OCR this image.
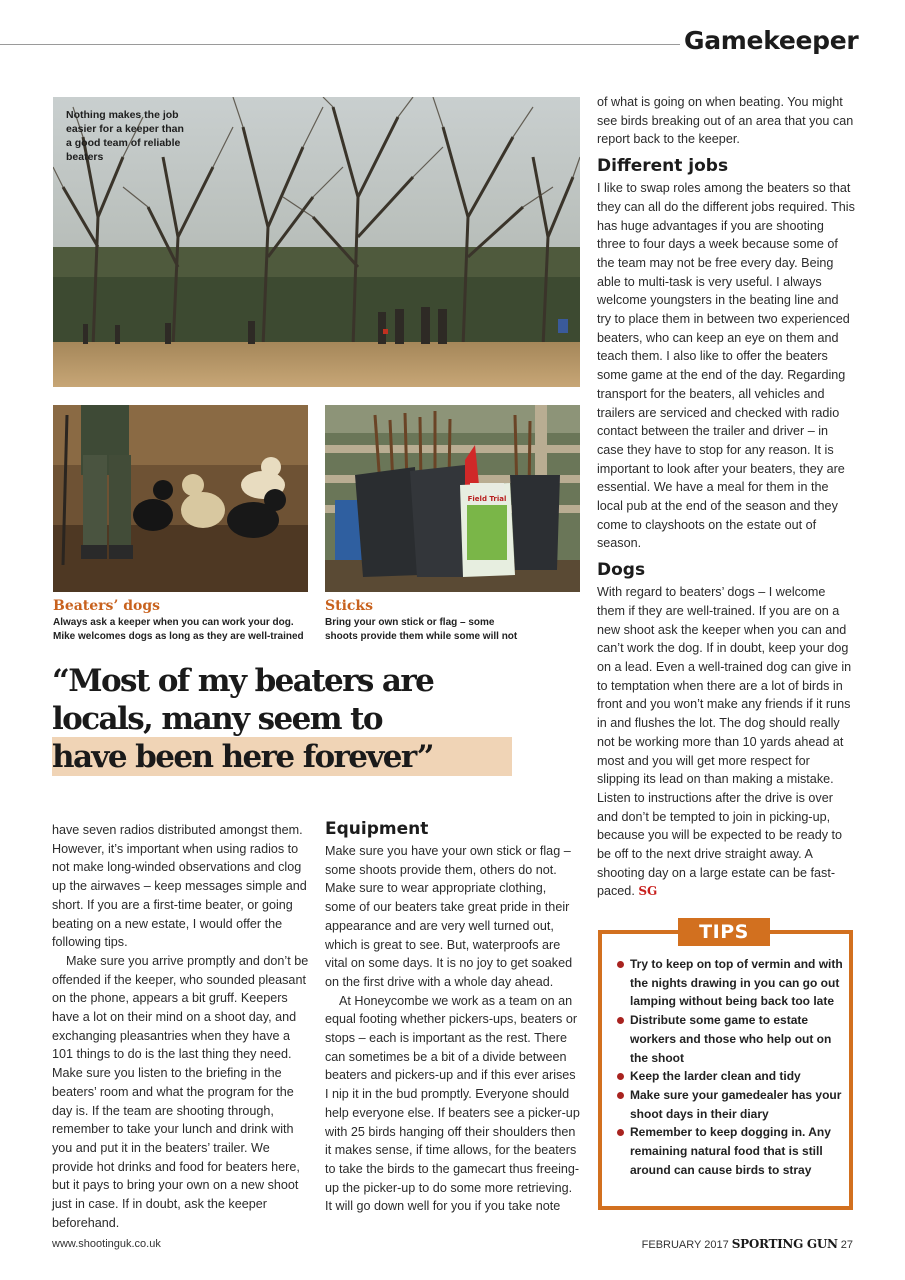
Gamekeeper
Nothing makes the job easier for a keeper than a good team of reliable beaters
Field Trial
Beaters’ dogs
Always ask a keeper when you can work your dog. Mike welcomes dogs as long as they are well-trained
Sticks
Bring your own stick or flag – some shoots provide them while some will not
“Most of my beaters are
locals, many seem to
have been here forever”

have seven radios distributed amongst them. However, it’s important when using radios to not make long-winded observations and clog up the airwaves – keep messages simple and short. If you are a first-time beater, or going beating on a new estate, I would offer the following tips.

Make sure you arrive promptly and don’t be offended if the keeper, who sounded pleasant on the phone, appears a bit gruff. Keepers have a lot on their mind on a shoot day, and exchanging pleasantries when they have a 101 things to do is the last thing they need. Make sure you listen to the briefing in the beaters’ room and what the program for the day is. If the team are shooting through, remember to take your lunch and drink with you and put it in the beaters’ trailer. We provide hot drinks and food for beaters here, but it pays to bring your own on a new shoot just in case. If in doubt, ask the keeper beforehand.

Equipment

Make sure you have your own stick or flag – some shoots provide them, others do not. Make sure to wear appropriate clothing, some of our beaters take great pride in their appearance and are very well turned out, which is great to see. But, waterproofs are vital on some days. It is no joy to get soaked on the first drive with a whole day ahead.

At Honeycombe we work as a team on an equal footing whether pickers-ups, beaters or stops – each is important as the rest. There can sometimes be a bit of a divide between beaters and pickers-up and if this ever arises I nip it in the bud promptly. Everyone should help everyone else. If beaters see a picker-up with 25 birds hanging off their shoulders then it makes sense, if time allows, for the beaters to take the birds to the gamecart thus freeing-up the picker-up to do some more retrieving. It will go down well for you if you take note

of what is going on when beating. You might see birds breaking out of an area that you can report back to the keeper.

Different jobs

I like to swap roles among the beaters so that they can all do the different jobs required. This has huge advantages if you are shooting three to four days a week because some of the team may not be free every day. Being able to multi-task is very useful. I always welcome youngsters in the beating line and try to place them in between two experienced beaters, who can keep an eye on them and teach them. I also like to offer the beaters some game at the end of the day. Regarding transport for the beaters, all vehicles and trailers are serviced and checked with radio contact between the trailer and driver – in case they have to stop for any reason. It is important to look after your beaters, they are essential. We have a meal for them in the local pub at the end of the season and they come to clayshoots on the estate out of season.

Dogs

With regard to beaters’ dogs – I welcome them if they are well-trained. If you are on a new shoot ask the keeper when you can and can’t work the dog. If in doubt, keep your dog on a lead. Even a well-trained dog can give in to temptation when there are a lot of birds in front and you won’t make any friends if it runs in and flushes the lot. The dog should really not be working more than 10 yards ahead at most and you will get more respect for slipping its lead on than making a mistake. Listen to instructions after the drive is over and don’t be tempted to join in picking-up, because you will be expected to be ready to be off to the next drive straight away. A shooting day on a large estate can be fast-paced. SG

TIPS
Try to keep on top of vermin and with the nights drawing in you can go out lamping without being back too late
Distribute some game to estate workers and those who help out on the shoot
Keep the larder clean and tidy
Make sure your gamedealer has your shoot days in their diary
Remember to keep dogging in. Any remaining natural food that is still around can cause birds to stray
www.shootinguk.co.uk	FEBRUARY 2017 SPORTING GUN 27
